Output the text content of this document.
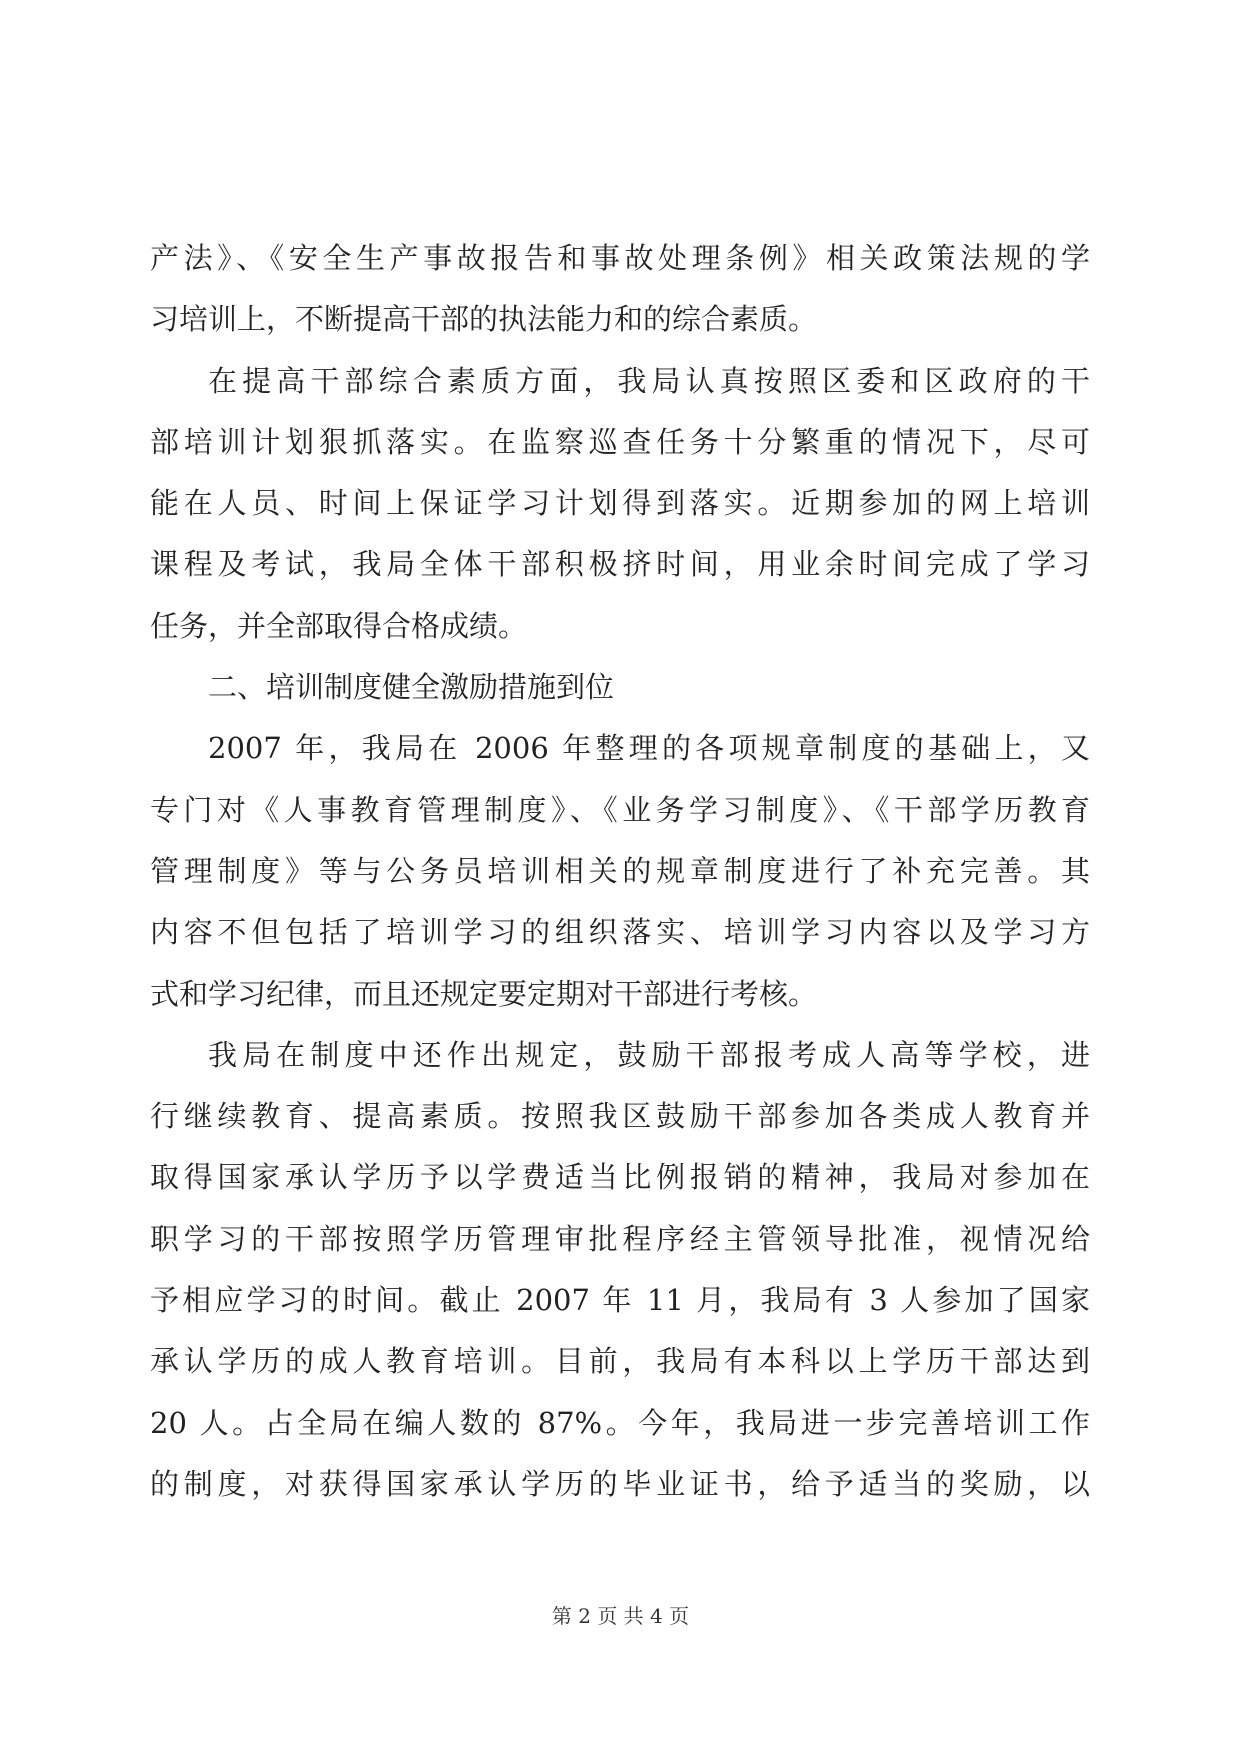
产法》、《安全生产事故报告和事故处理条例》相关政策法规的学
习培训上，不断提高干部的执法能力和的综合素质。
在提高干部综合素质方面，我局认真按照区委和区政府的干
部培训计划狠抓落实。在监察巡查任务十分繁重的情况下，尽可
能在人员、时间上保证学习计划得到落实。近期参加的网上培训
课程及考试，我局全体干部积极挤时间，用业余时间完成了学习
任务，并全部取得合格成绩。
二、培训制度健全激励措施到位
2007 年，我局在 2006 年整理的各项规章制度的基础上，又
专门对《人事教育管理制度》、《业务学习制度》、《干部学历教育
管理制度》等与公务员培训相关的规章制度进行了补充完善。其
内容不但包括了培训学习的组织落实、培训学习内容以及学习方
式和学习纪律，而且还规定要定期对干部进行考核。
我局在制度中还作出规定，鼓励干部报考成人高等学校，进
行继续教育、提高素质。按照我区鼓励干部参加各类成人教育并
取得国家承认学历予以学费适当比例报销的精神，我局对参加在
职学习的干部按照学历管理审批程序经主管领导批准，视情况给
予相应学习的时间。截止 2007 年 11 月，我局有 3 人参加了国家
承认学历的成人教育培训。目前，我局有本科以上学历干部达到
20 人。占全局在编人数的 87%。今年，我局进一步完善培训工作
的制度，对获得国家承认学历的毕业证书，给予适当的奖励，以
第 2 页 共 4 页
